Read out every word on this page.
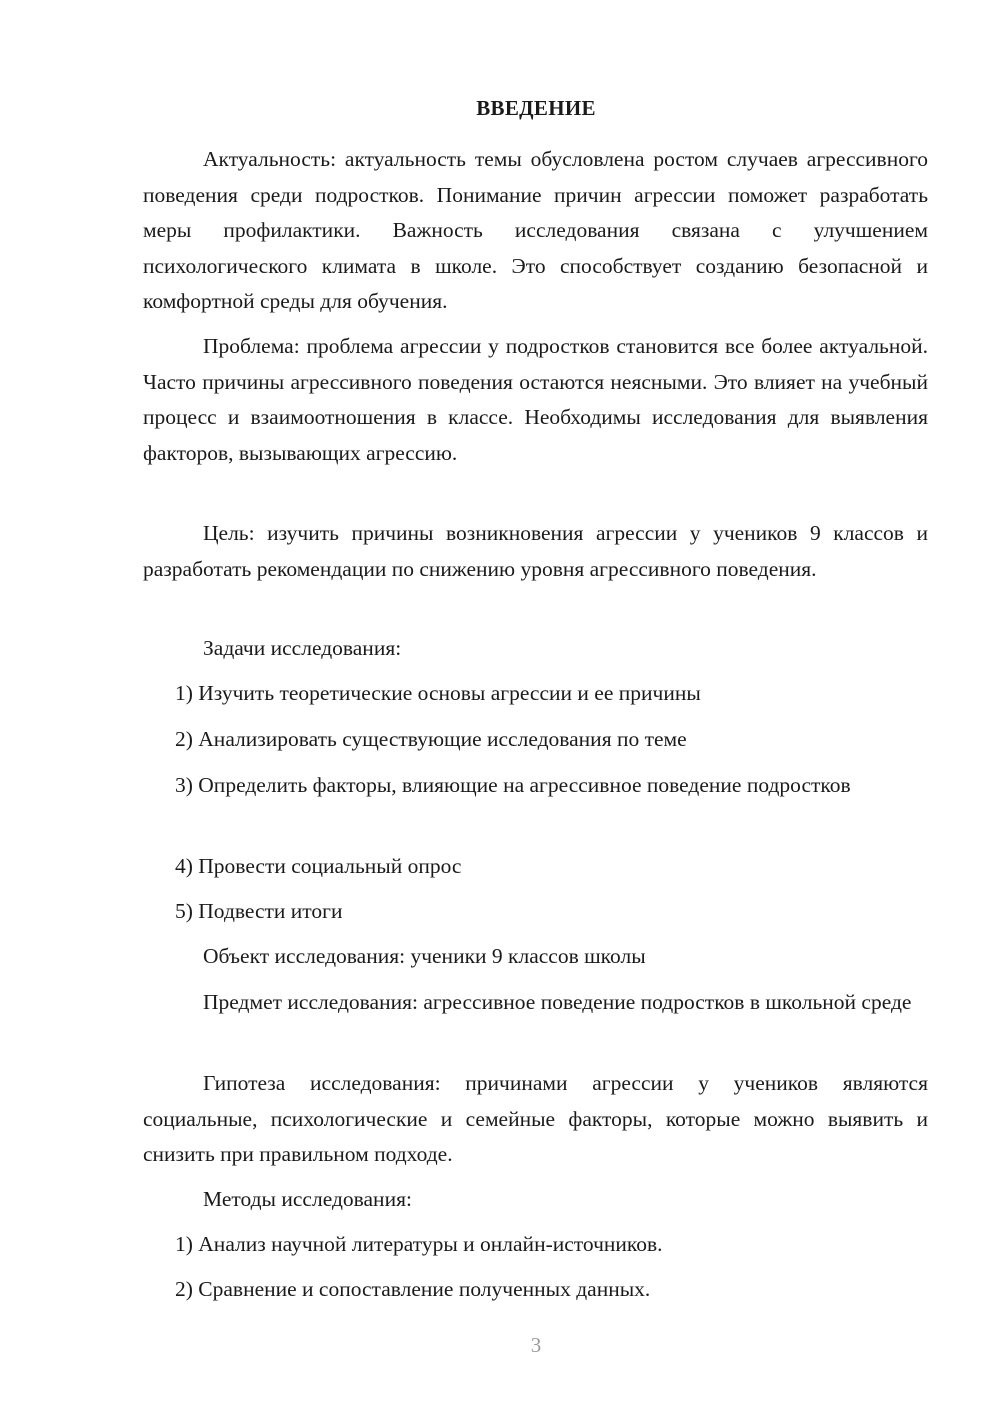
ВВЕДЕНИЕ

Актуальность: актуальность темы обусловлена ростом случаев агрессивного поведения среди подростков. Понимание причин агрессии поможет разработать меры профилактики. Важность исследования связана с улучшением психологического климата в школе. Это способствует созданию безопасной и комфортной среды для обучения.

Проблема: проблема агрессии у подростков становится все более актуальной. Часто причины агрессивного поведения остаются неясными. Это влияет на учебный процесс и взаимоотношения в классе. Необходимы исследования для выявления факторов, вызывающих агрессию.

Цель: изучить причины возникновения агрессии у учеников 9 классов и разработать рекомендации по снижению уровня агрессивного поведения.

Задачи исследования:

1) Изучить теоретические основы агрессии и ее причины

2) Анализировать существующие исследования по теме

3) Определить факторы, влияющие на агрессивное поведение подростков

4) Провести социальный опрос

5) Подвести итоги

Объект исследования: ученики 9 классов школы

Предмет исследования: агрессивное поведение подростков в школьной среде

Гипотеза исследования: причинами агрессии у учеников являются социальные, психологические и семейные факторы, которые можно выявить и снизить при правильном подходе.

Методы исследования:

1) Анализ научной литературы и онлайн-источников.

2) Сравнение и сопоставление полученных данных.

3
